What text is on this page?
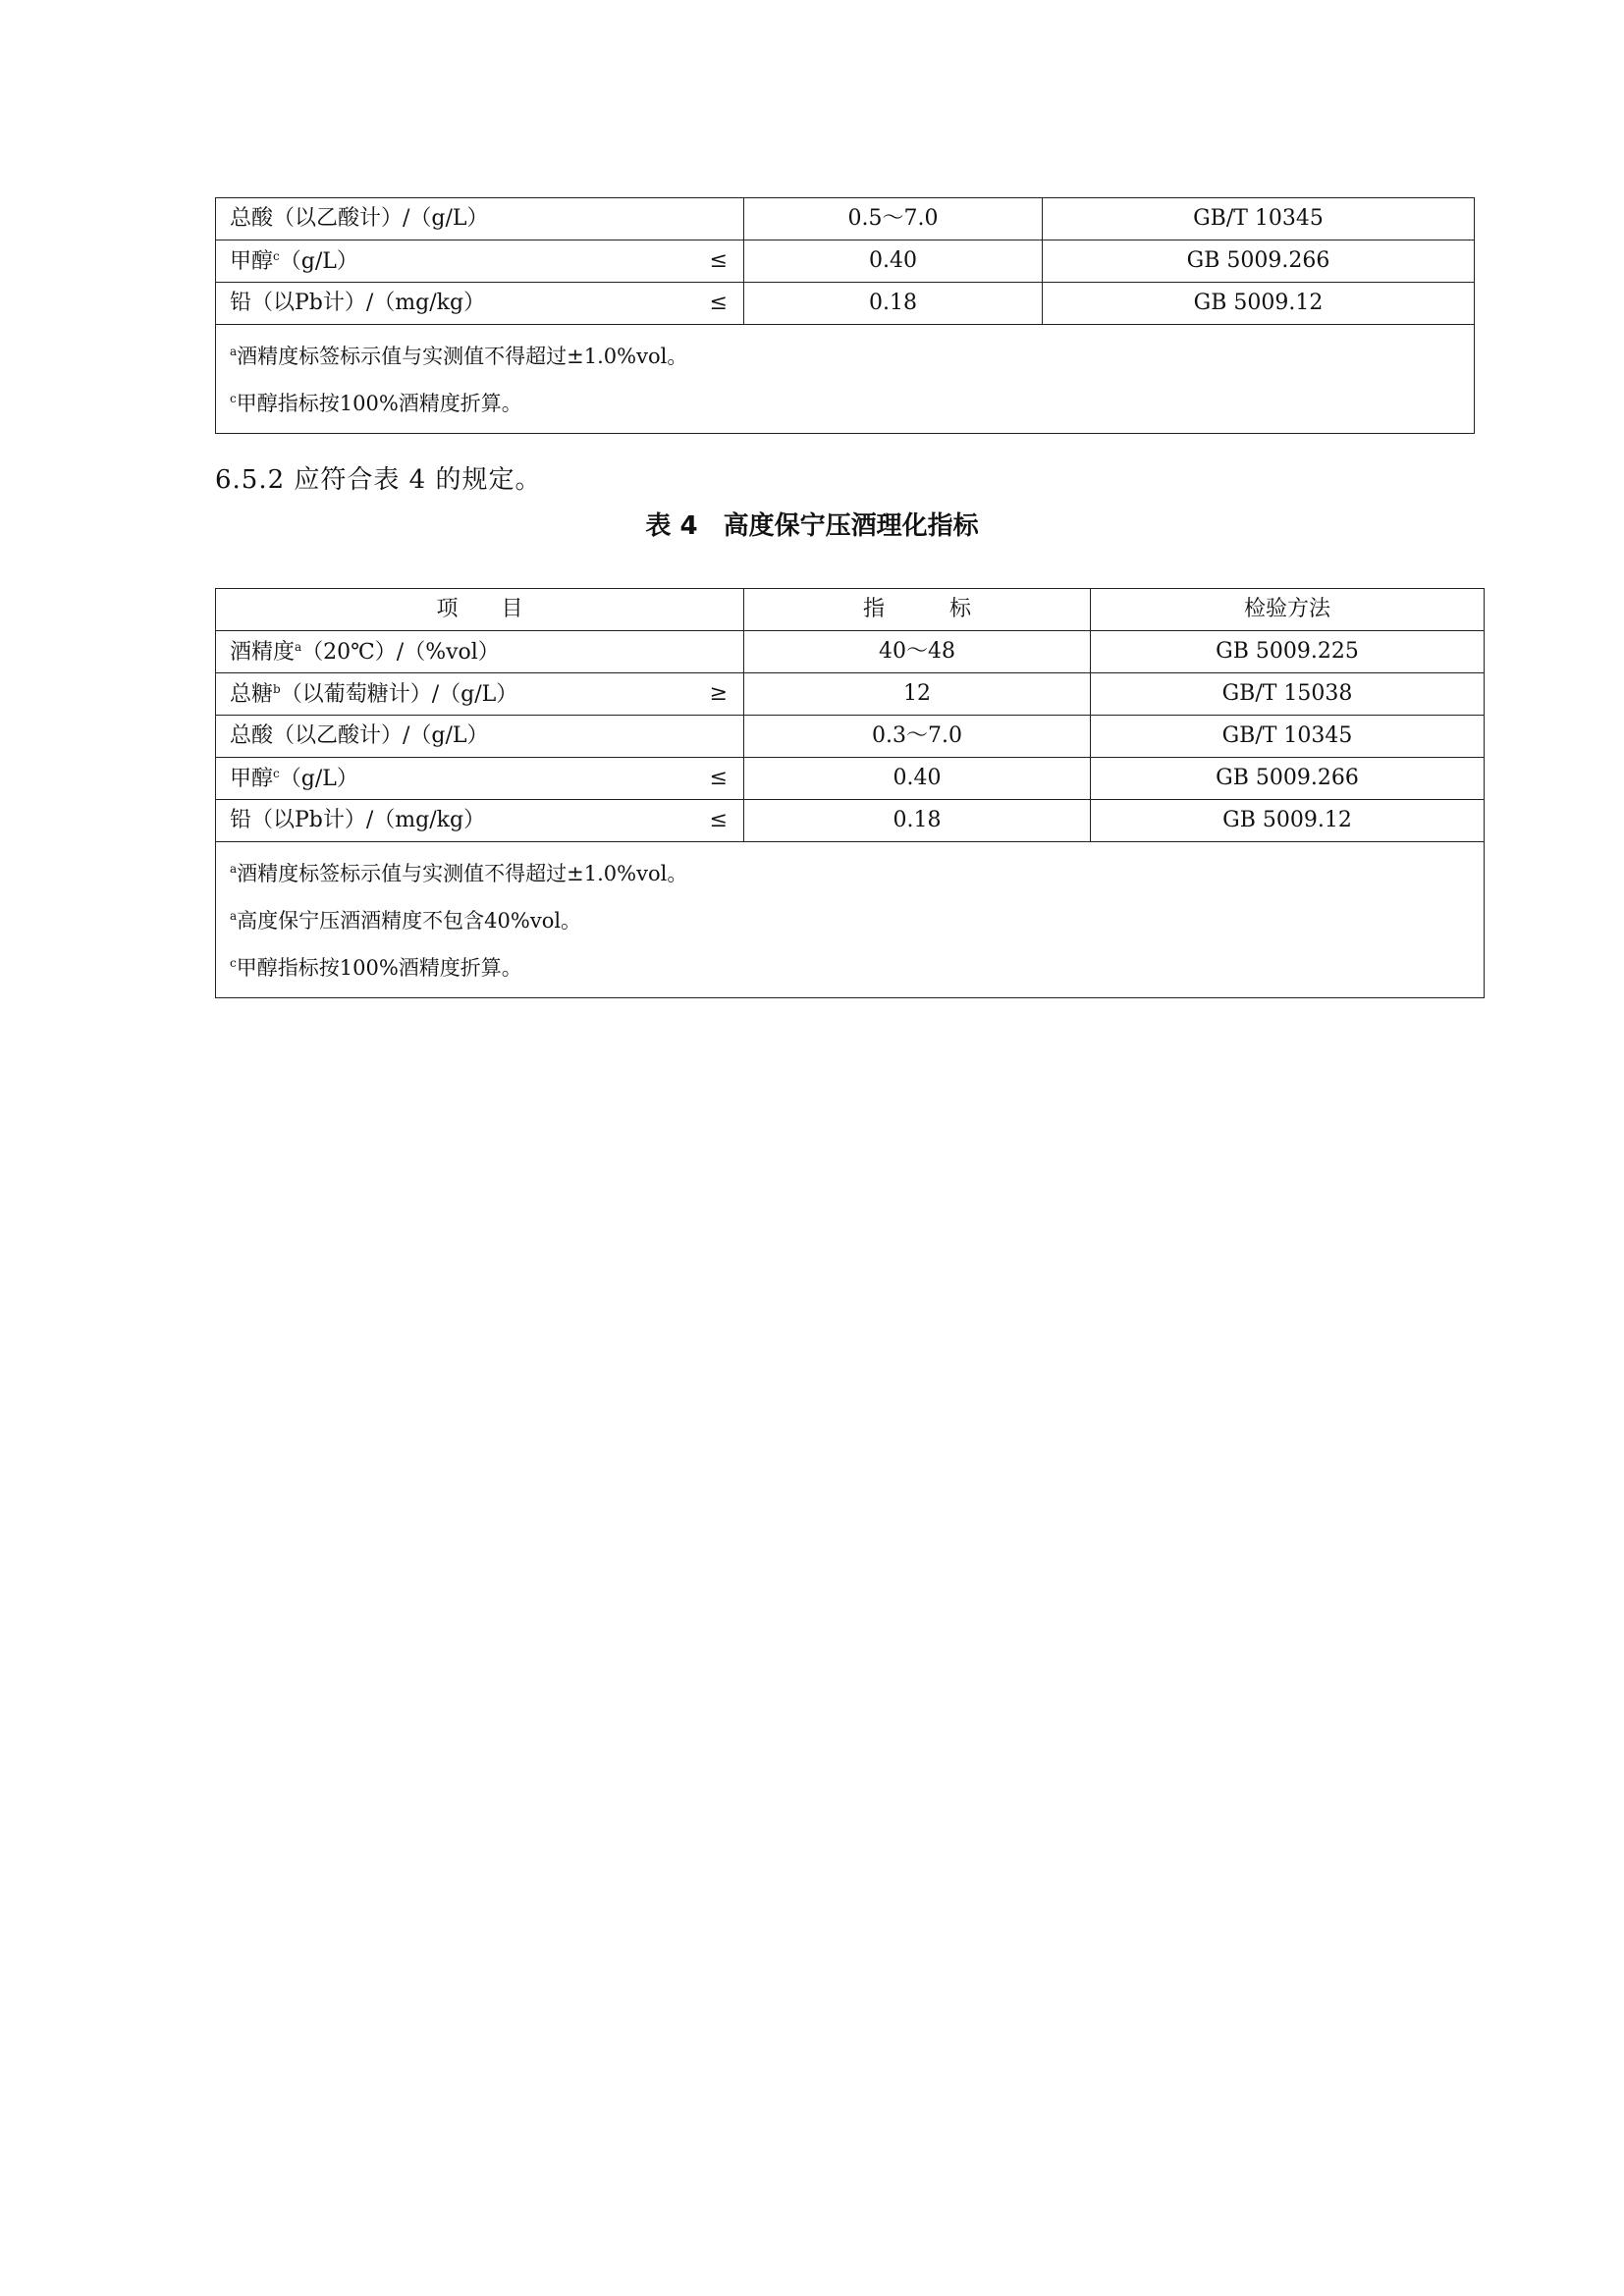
总酸（以乙酸计）/（g/L）	0.5～7.0	GB/T 10345
甲醇$^c$（g/L） ≤	0.40	GB 5009.266
铅（以Pb计）/（mg/kg） ≤	0.18	GB 5009.12

$^a$酒精度标签标示值与实测值不得超过±1.0%vol。
$^c$甲醇指标按100%酒精度折算。		
6.5.2 应符合表 4 的规定。
表 4 高度保宁压酒理化指标
项　　目	指　　　标	检验方法
酒精度$^a$（20℃）/（%vol）	40～48	GB 5009.225
总糖$^b$（以葡萄糖计）/（g/L） ≥	12	GB/T 15038
总酸（以乙酸计）/（g/L）	0.3～7.0	GB/T 10345
甲醇$^c$（g/L） ≤	0.40	GB 5009.266
铅（以Pb计）/（mg/kg） ≤	0.18	GB 5009.12

$^a$酒精度标签标示值与实测值不得超过±1.0%vol。
$^a$高度保宁压酒酒精度不包含40%vol。
$^c$甲醇指标按100%酒精度折算。		
